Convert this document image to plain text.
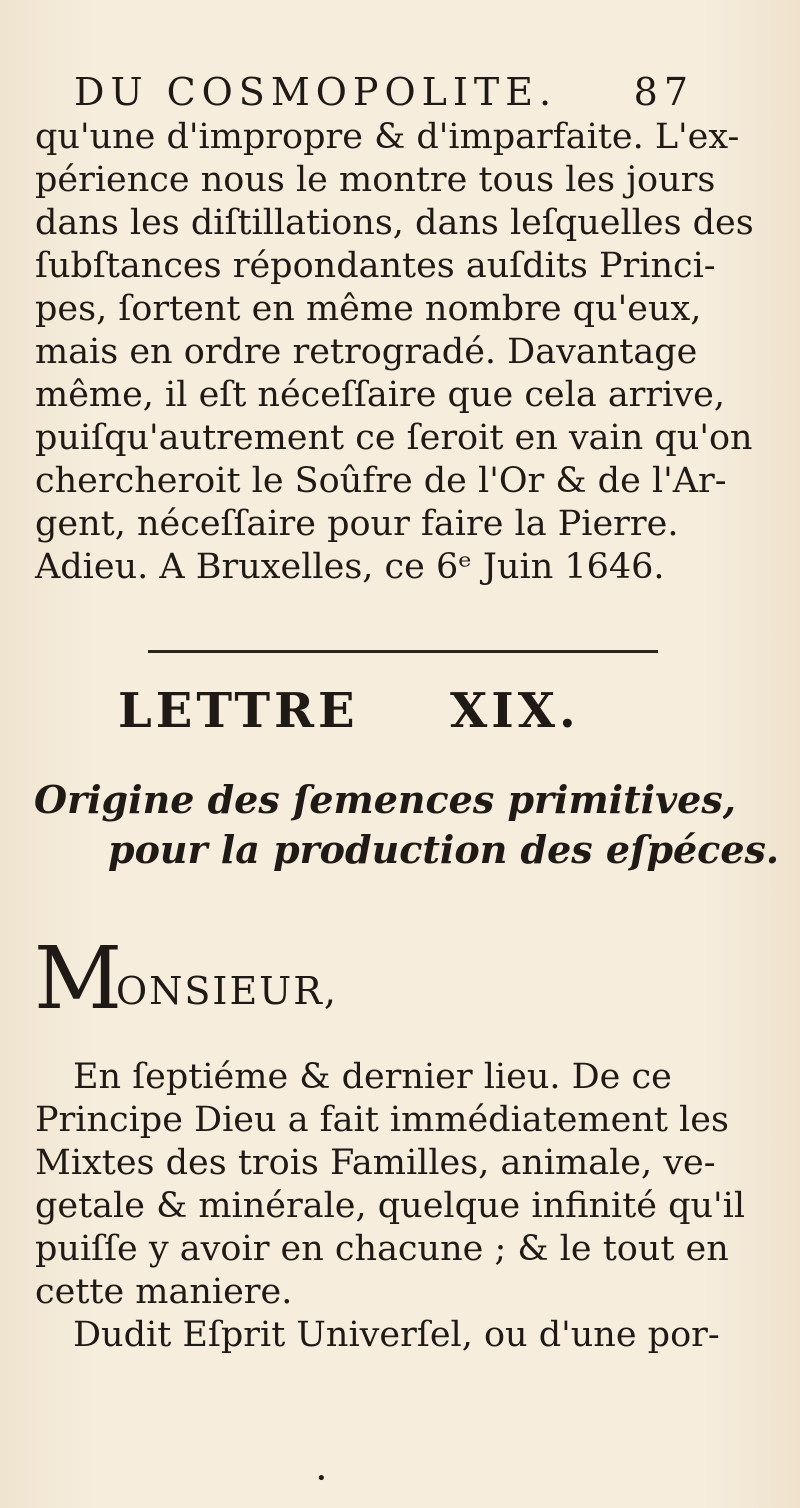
DU COSMOPOLITE. 87
qu'une d'impropre & d'imparfaite. L'ex-
périence nous le montre tous les jours
dans les diſtillations, dans leſquelles des
ſubſtances répondantes auſdits Princi-
pes, ſortent en même nombre qu'eux,
mais en ordre retrogradé. Davantage
même, il eſt néceſſaire que cela arrive,
puiſqu'autrement ce ſeroit en vain qu'on
chercheroit le Soûfre de l'Or & de l'Ar-
gent, néceſſaire pour faire la Pierre.
Adieu. A Bruxelles, ce 6ᵉ Juin 1646.
LETTRE XIX.
Origine des ſemences primitives,
pour la production des eſpéces.
M
ONSIEUR,
En ſeptiéme & dernier lieu. De ce
Principe Dieu a fait immédiatement les
Mixtes des trois Familles, animale, ve-
getale & minérale, quelque infinité qu'il
puiſſe y avoir en chacune ; & le tout en
cette maniere.
Dudit Eſprit Univerſel, ou d'une por-
•
